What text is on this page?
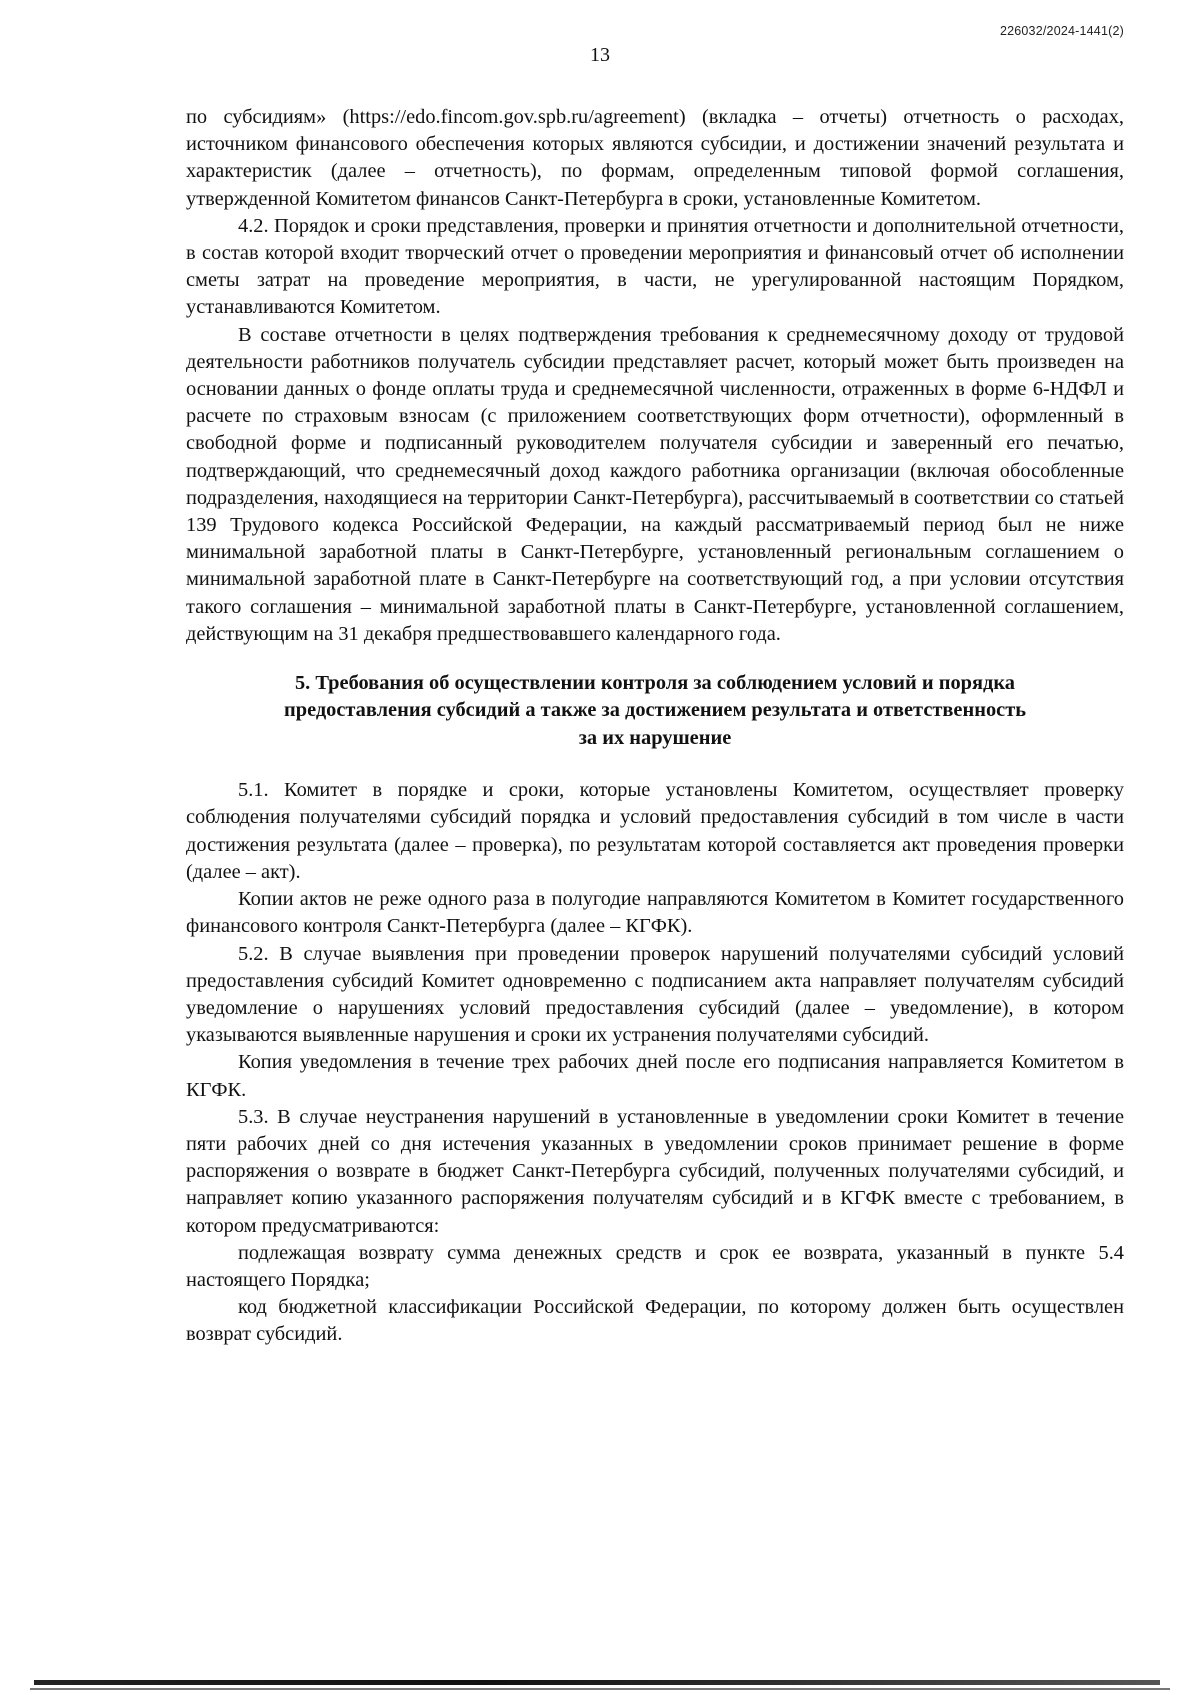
226032/2024-1441(2)
13

по субсидиям» (https://edo.fincom.gov.spb.ru/agreement) (вкладка – отчеты) отчетность о расходах, источником финансового обеспечения которых являются субсидии, и достижении значений результата и характеристик (далее – отчетность), по формам, определенным типовой формой соглашения, утвержденной Комитетом финансов Санкт-Петербурга в сроки, установленные Комитетом.

4.2. Порядок и сроки представления, проверки и принятия отчетности и дополнительной отчетности, в состав которой входит творческий отчет о проведении мероприятия и финансовый отчет об исполнении сметы затрат на проведение мероприятия, в части, не урегулированной настоящим Порядком, устанавливаются Комитетом.

В составе отчетности в целях подтверждения требования к среднемесячному доходу от трудовой деятельности работников получатель субсидии представляет расчет, который может быть произведен на основании данных о фонде оплаты труда и среднемесячной численности, отраженных в форме 6-НДФЛ и расчете по страховым взносам (с приложением соответствующих форм отчетности), оформленный в свободной форме и подписанный руководителем получателя субсидии и заверенный его печатью, подтверждающий, что среднемесячный доход каждого работника организации (включая обособленные подразделения, находящиеся на территории Санкт-Петербурга), рассчитываемый в соответствии со статьей 139 Трудового кодекса Российской Федерации, на каждый рассматриваемый период был не ниже минимальной заработной платы в Санкт-Петербурге, установленный региональным соглашением о минимальной заработной плате в Санкт-Петербурге на соответствующий год, а при условии отсутствия такого соглашения – минимальной заработной платы в Санкт-Петербурге, установленной соглашением, действующим на 31 декабря предшествовавшего календарного года.

5. Требования об осуществлении контроля за соблюдением условий и порядка
предоставления субсидий а также за достижением результата и ответственность
за их нарушение

5.1. Комитет в порядке и сроки, которые установлены Комитетом, осуществляет проверку соблюдения получателями субсидий порядка и условий предоставления субсидий в том числе в части достижения результата (далее – проверка), по результатам которой составляется акт проведения проверки (далее – акт).

Копии актов не реже одного раза в полугодие направляются Комитетом в Комитет государственного финансового контроля Санкт-Петербурга (далее – КГФК).

5.2. В случае выявления при проведении проверок нарушений получателями субсидий условий предоставления субсидий Комитет одновременно с подписанием акта направляет получателям субсидий уведомление о нарушениях условий предоставления субсидий (далее – уведомление), в котором указываются выявленные нарушения и сроки их устранения получателями субсидий.

Копия уведомления в течение трех рабочих дней после его подписания направляется Комитетом в КГФК.

5.3. В случае неустранения нарушений в установленные в уведомлении сроки Комитет в течение пяти рабочих дней со дня истечения указанных в уведомлении сроков принимает решение в форме распоряжения о возврате в бюджет Санкт-Петербурга субсидий, полученных получателями субсидий, и направляет копию указанного распоряжения получателям субсидий и в КГФК вместе с требованием, в котором предусматриваются:

подлежащая возврату сумма денежных средств и срок ее возврата, указанный в пункте 5.4 настоящего Порядка;

код бюджетной классификации Российской Федерации, по которому должен быть осуществлен возврат субсидий.
